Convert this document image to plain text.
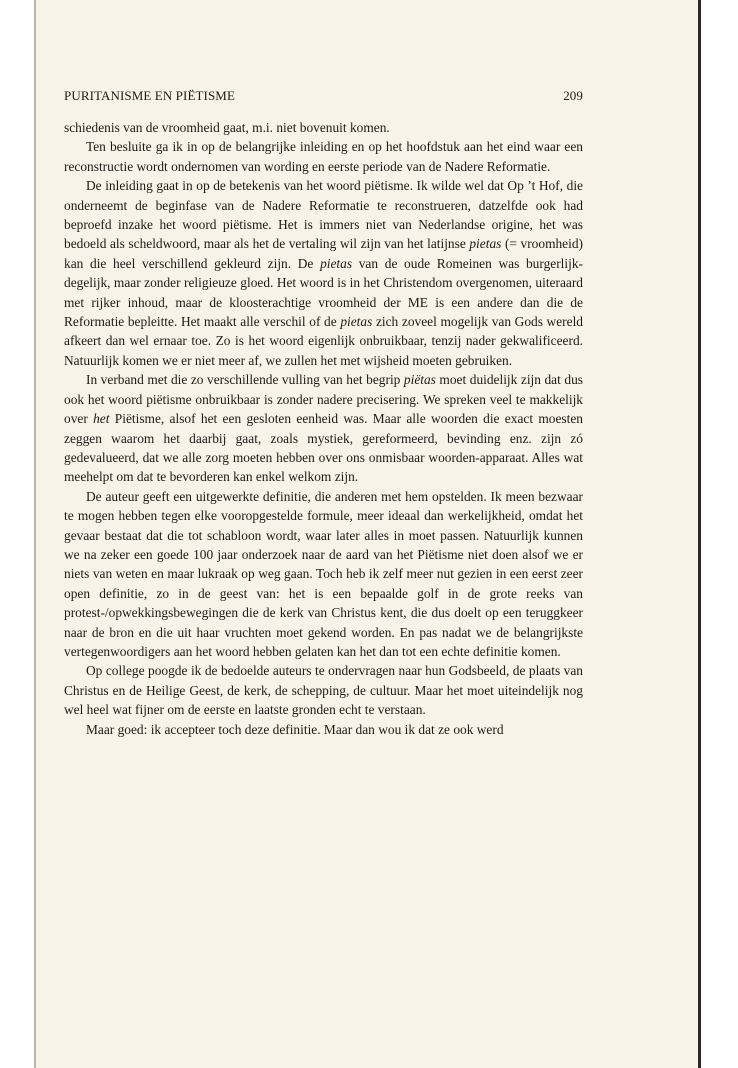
PURITANISME EN PIËTISME	209

schiedenis van de vroomheid gaat, m.i. niet bovenuit komen.

Ten besluite ga ik in op de belangrijke inleiding en op het hoofdstuk aan het eind waar een reconstructie wordt ondernomen van wording en eerste periode van de Nadere Reformatie.

De inleiding gaat in op de betekenis van het woord piëtisme. Ik wilde wel dat Op ’t Hof, die onderneemt de beginfase van de Nadere Reformatie te reconstrueren, datzelfde ook had beproefd inzake het woord piëtisme. Het is immers niet van Nederlandse origine, het was bedoeld als scheldwoord, maar als het de vertaling wil zijn van het latijnse pietas (= vroomheid) kan die heel verschillend gekleurd zijn. De pietas van de oude Romeinen was burgerlijk-degelijk, maar zonder religieuze gloed. Het woord is in het Christendom overgenomen, uiteraard met rijker inhoud, maar de kloosterachtige vroomheid der ME is een andere dan die de Reformatie bepleitte. Het maakt alle verschil of de pietas zich zoveel mogelijk van Gods wereld afkeert dan wel ernaar toe. Zo is het woord eigenlijk onbruikbaar, tenzij nader gekwalificeerd. Natuurlijk komen we er niet meer af, we zullen het met wijsheid moeten gebruiken.

In verband met die zo verschillende vulling van het begrip piëtas moet duidelijk zijn dat dus ook het woord piëtisme onbruikbaar is zonder nadere precisering. We spreken veel te makkelijk over het Piëtisme, alsof het een gesloten eenheid was. Maar alle woorden die exact moesten zeggen waarom het daarbij gaat, zoals mystiek, gereformeerd, bevinding enz. zijn zó gedevalueerd, dat we alle zorg moeten hebben over ons onmisbaar woorden-apparaat. Alles wat meehelpt om dat te bevorderen kan enkel welkom zijn.

De auteur geeft een uitgewerkte definitie, die anderen met hem opstelden. Ik meen bezwaar te mogen hebben tegen elke vooropgestelde formule, meer ideaal dan werkelijkheid, omdat het gevaar bestaat dat die tot schabloon wordt, waar later alles in moet passen. Natuurlijk kunnen we na zeker een goede 100 jaar onderzoek naar de aard van het Piëtisme niet doen alsof we er niets van weten en maar lukraak op weg gaan. Toch heb ik zelf meer nut gezien in een eerst zeer open definitie, zo in de geest van: het is een bepaalde golf in de grote reeks van protest-/opwekkingsbewegingen die de kerk van Christus kent, die dus doelt op een teruggkeer naar de bron en die uit haar vruchten moet gekend worden. En pas nadat we de belangrijkste vertegenwoordigers aan het woord hebben gelaten kan het dan tot een echte definitie komen.

Op college poogde ik de bedoelde auteurs te ondervragen naar hun Godsbeeld, de plaats van Christus en de Heilige Geest, de kerk, de schepping, de cultuur. Maar het moet uiteindelijk nog wel heel wat fijner om de eerste en laatste gronden echt te verstaan.

Maar goed: ik accepteer toch deze definitie. Maar dan wou ik dat ze ook werd
